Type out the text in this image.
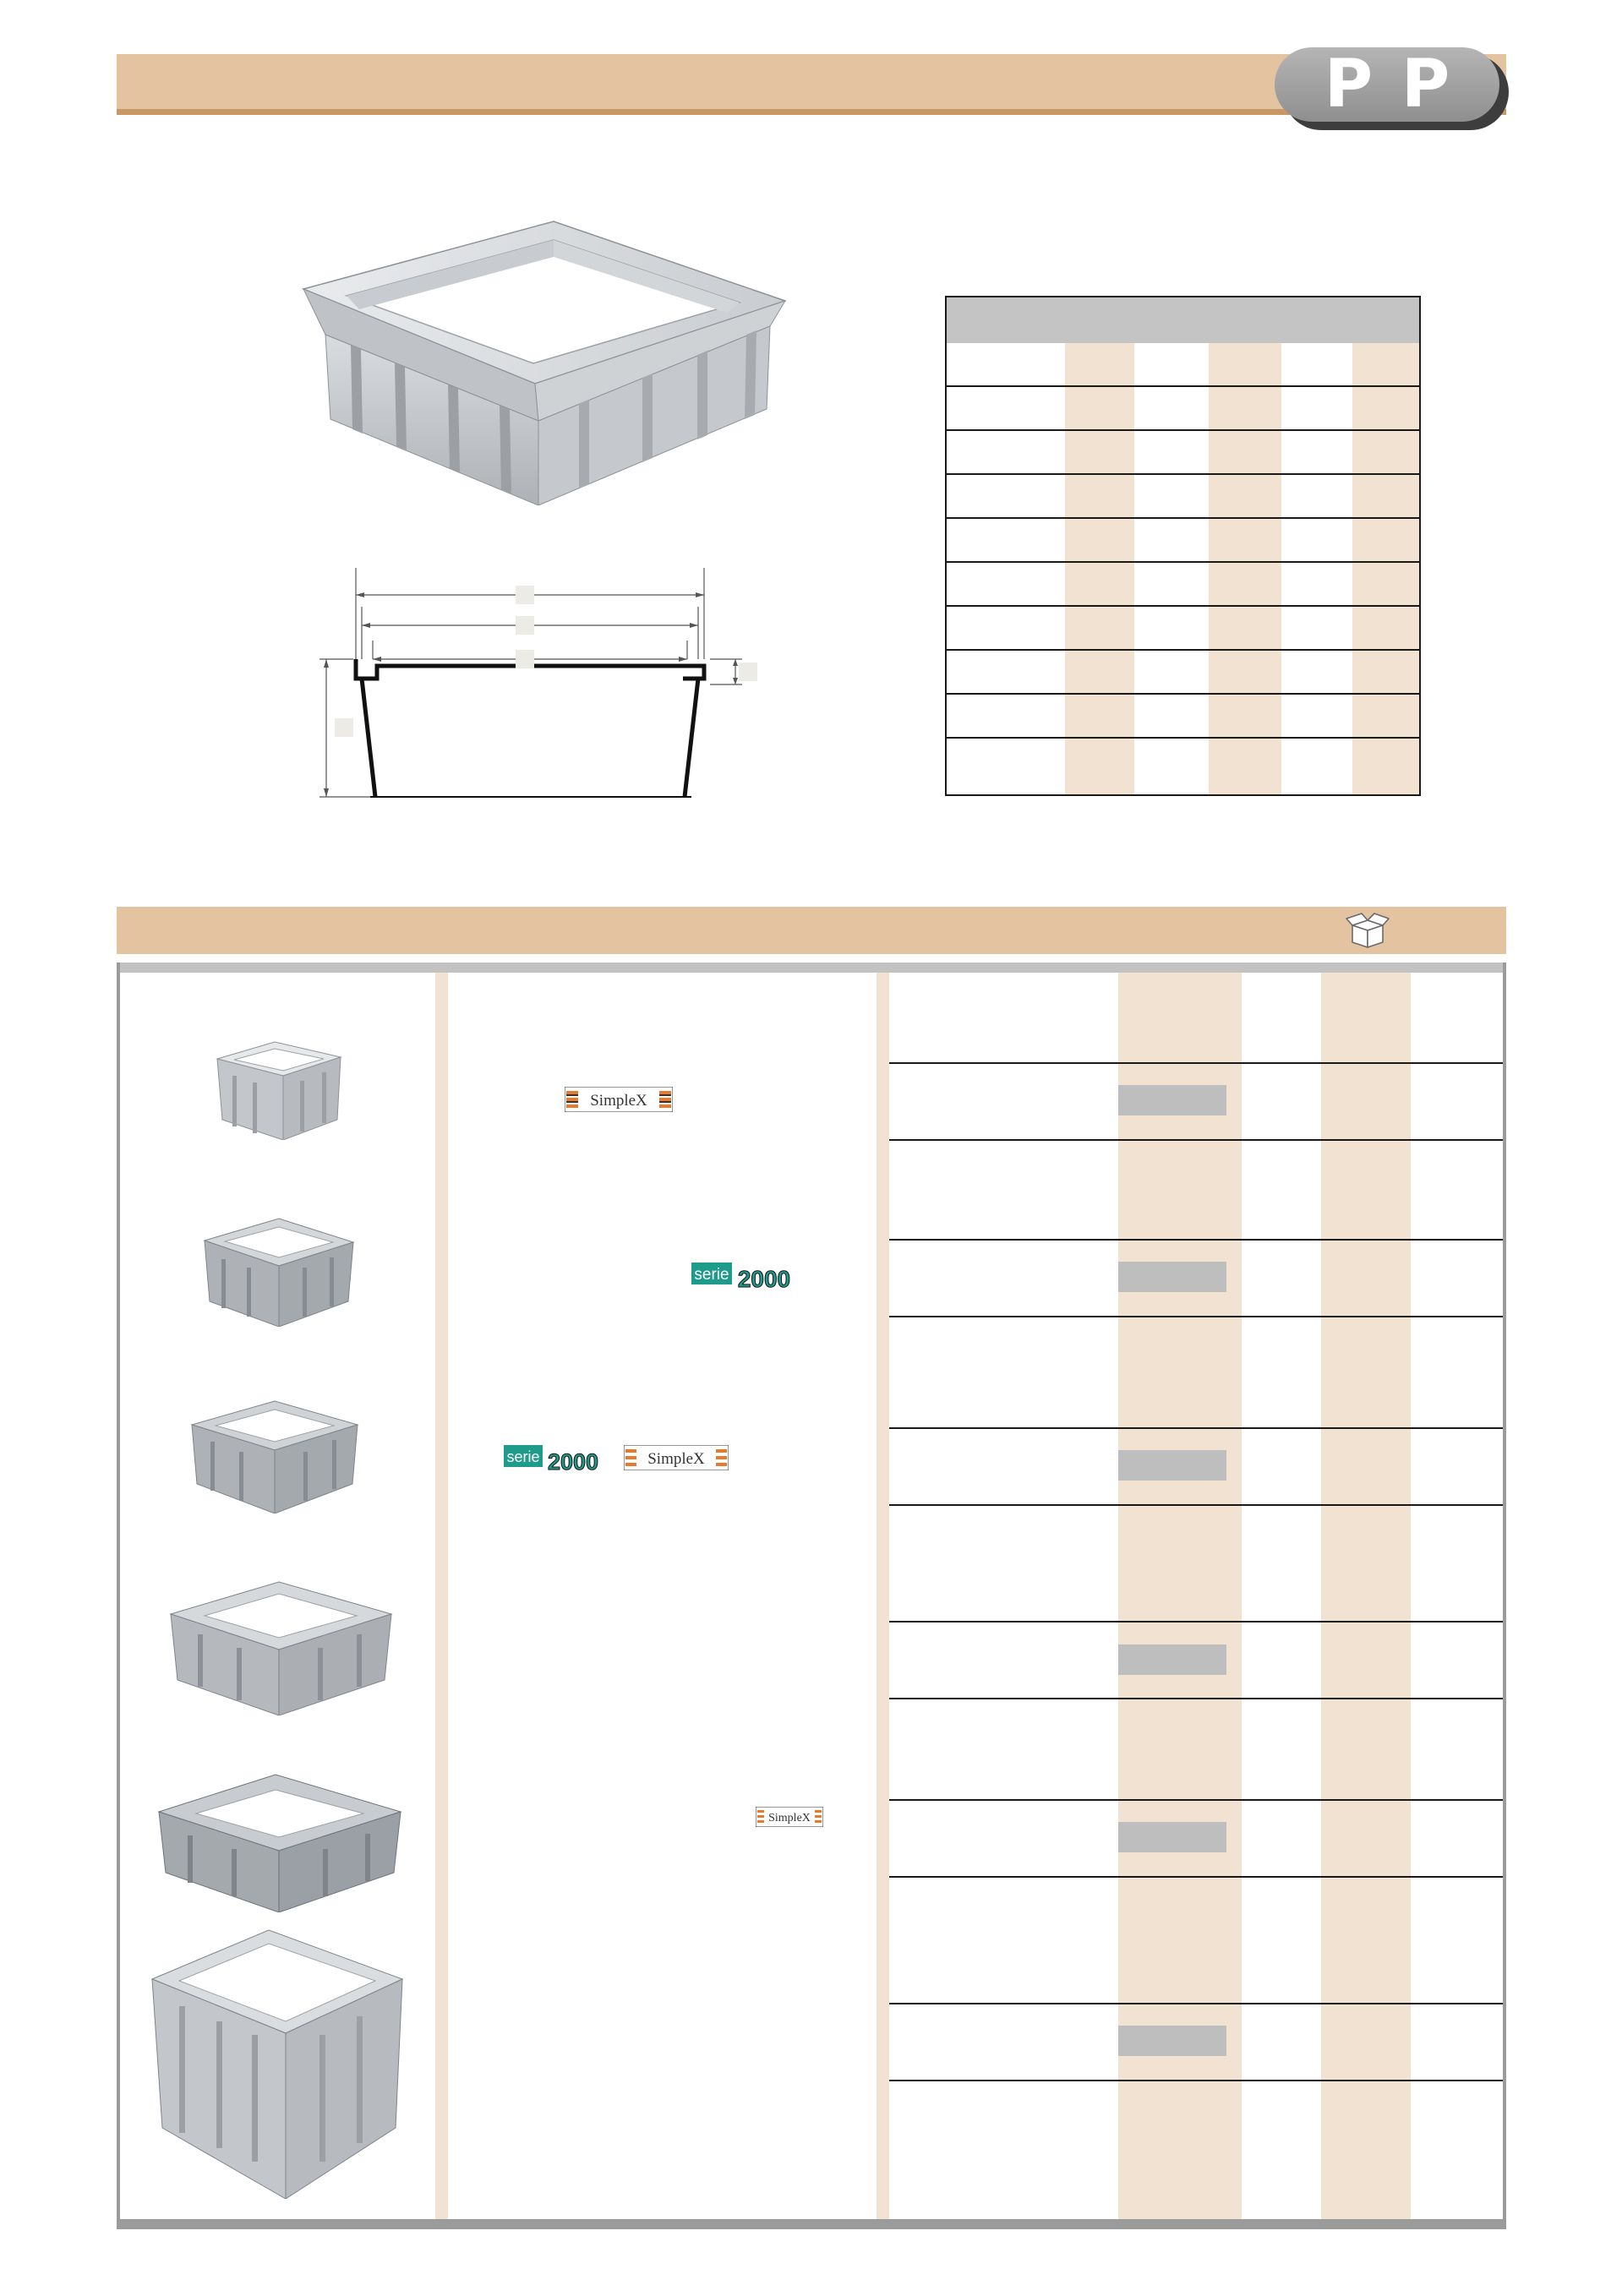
PP
SimpleX
serie 2000
serie 2000	SimpleX
SimpleX
